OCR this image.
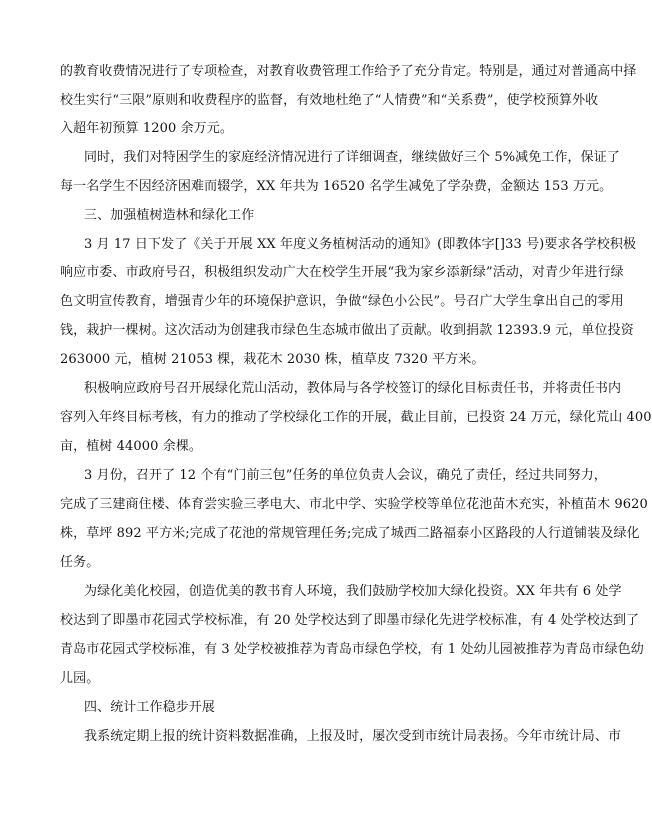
的教育收费情况进行了专项检查，对教育收费管理工作给予了充分肯定。特别是，通过对普通高中择
校生实行“三限”原则和收费程序的监督，有效地杜绝了“人情费”和“关系费”，使学校预算外收
入超年初预算 1200 余万元。
同时，我们对特困学生的家庭经济情况进行了详细调查，继续做好三个 5%减免工作，保证了
每一名学生不因经济困难而辍学，XX 年共为 16520 名学生减免了学杂费，金额达 153 万元。
三、加强植树造林和绿化工作
3 月 17 日下发了《关于开展 XX 年度义务植树活动的通知》(即教体字[]33 号)要求各学校积极
响应市委、市政府号召，积极组织发动广大在校学生开展“我为家乡添新绿”活动，对青少年进行绿
色文明宣传教育，增强青少年的环境保护意识，争做“绿色小公民”。号召广大学生拿出自己的零用
钱，栽护一棵树。这次活动为创建我市绿色生态城市做出了贡献。收到捐款 12393.9 元，单位投资
263000 元，植树 21053 棵，栽花木 2030 株，植草皮 7320 平方米。
积极响应政府号召开展绿化荒山活动，教体局与各学校签订的绿化目标责任书，并将责任书内
容列入年终目标考核，有力的推动了学校绿化工作的开展，截止目前，已投资 24 万元，绿化荒山 400
亩，植树 44000 余棵。
3 月份，召开了 12 个有“门前三包”任务的单位负责人会议，确兑了责任，经过共同努力，
完成了三建商住楼、体育尝实验三孝电大、市北中学、实验学校等单位花池苗木充实，补植苗木 9620
株，草坪 892 平方米;完成了花池的常规管理任务;完成了城西二路福泰小区路段的人行道铺装及绿化
任务。
为绿化美化校园，创造优美的教书育人环境，我们鼓励学校加大绿化投资。XX 年共有 6 处学
校达到了即墨市花园式学校标准，有 20 处学校达到了即墨市绿化先进学校标准，有 4 处学校达到了
青岛市花园式学校标准，有 3 处学校被推荐为青岛市绿色学校，有 1 处幼儿园被推荐为青岛市绿色幼
儿园。
四、统计工作稳步开展
我系统定期上报的统计资料数据准确，上报及时，屡次受到市统计局表扬。今年市统计局、市
